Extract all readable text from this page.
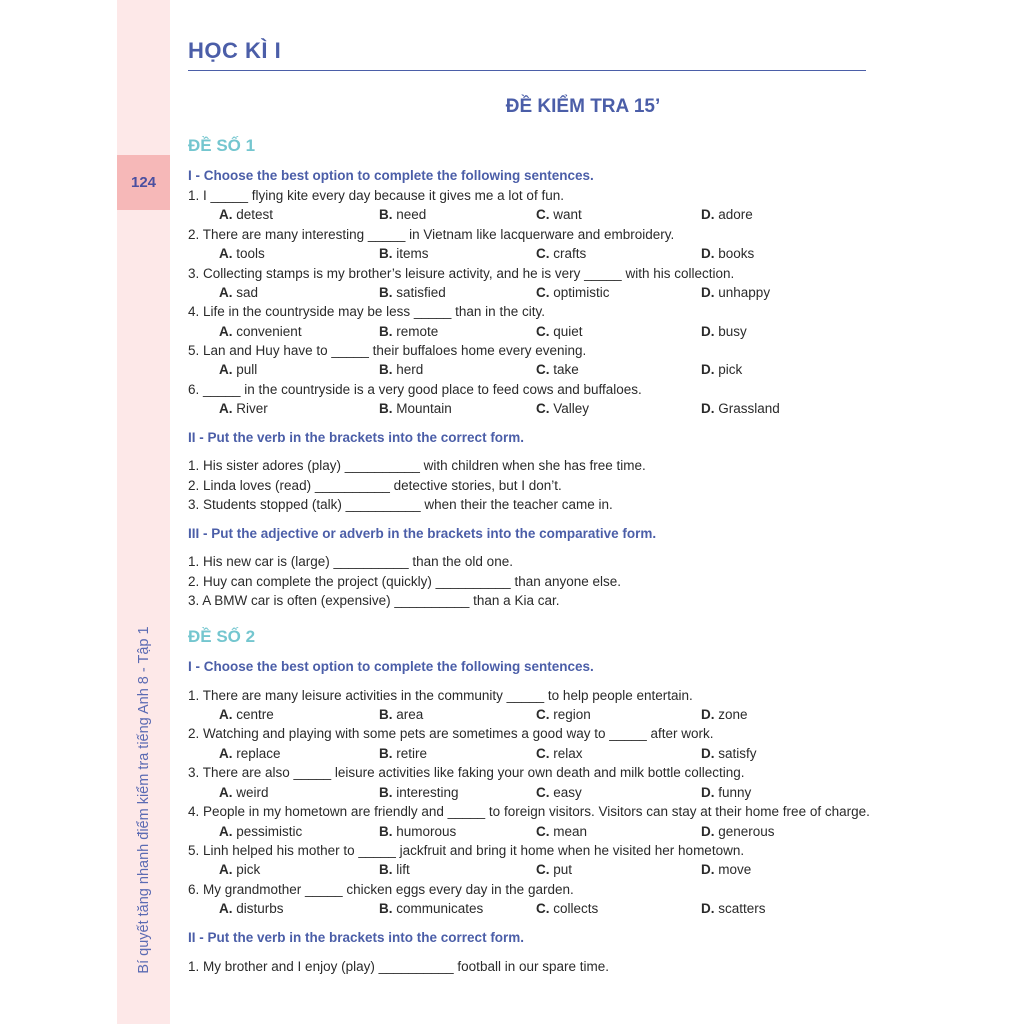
124
Bí quyết tăng nhanh điểm kiểm tra tiếng Anh 8 - Tập 1
HỌC KÌ I
ĐỀ KIỂM TRA 15’
ĐỀ SỐ 1
I - Choose the best option to complete the following sentences.
1. I _____ flying kite every day because it gives me a lot of fun.
A. detest	B. need	C. want	D. adore
2. There are many interesting _____ in Vietnam like lacquerware and embroidery.
A. tools	B. items	C. crafts	D. books
3. Collecting stamps is my brother’s leisure activity, and he is very _____ with his collection.
A. sad	B. satisfied	C. optimistic	D. unhappy
4. Life in the countryside may be less _____ than in the city.
A. convenient	B. remote	C. quiet	D. busy
5. Lan and Huy have to _____ their buffaloes home every evening.
A. pull	B. herd	C. take	D. pick
6. _____ in the countryside is a very good place to feed cows and buffaloes.
A. River	B. Mountain	C. Valley	D. Grassland
II - Put the verb in the brackets into the correct form.
1. His sister adores (play) __________ with children when she has free time.
2. Linda loves (read) __________ detective stories, but I don’t.
3. Students stopped (talk) __________ when their the teacher came in.
III - Put the adjective or adverb in the brackets into the comparative form.
1. His new car is (large) __________ than the old one.
2. Huy can complete the project (quickly) __________ than anyone else.
3. A BMW car is often (expensive) __________ than a Kia car.
ĐỀ SỐ 2
I - Choose the best option to complete the following sentences.
1. There are many leisure activities in the community _____ to help people entertain.
A. centre	B. area	C. region	D. zone
2. Watching and playing with some pets are sometimes a good way to _____ after work.
A. replace	B. retire	C. relax	D. satisfy
3. There are also _____ leisure activities like faking your own death and milk bottle collecting.
A. weird	B. interesting	C. easy	D. funny
4. People in my hometown are friendly and _____ to foreign visitors. Visitors can stay at their home free of charge.
A. pessimistic	B. humorous	C. mean	D. generous
5. Linh helped his mother to _____ jackfruit and bring it home when he visited her hometown.
A. pick	B. lift	C. put	D. move
6. My grandmother _____ chicken eggs every day in the garden.
A. disturbs	B. communicates	C. collects	D. scatters
II - Put the verb in the brackets into the correct form.
1. My brother and I enjoy (play) __________ football in our spare time.
